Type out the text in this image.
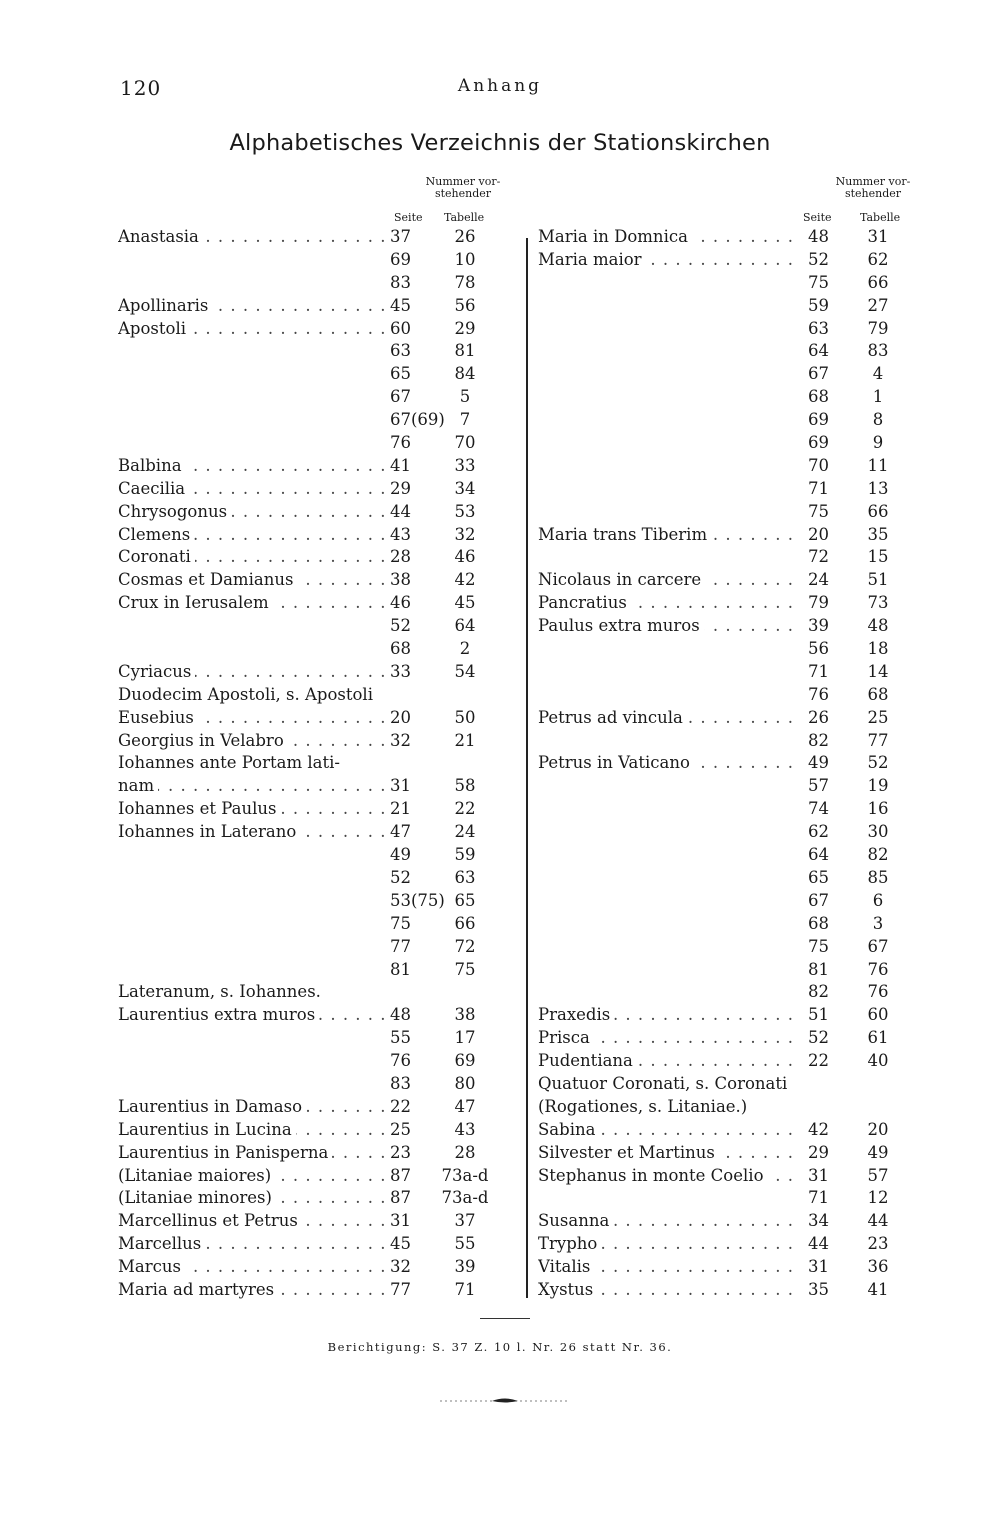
120	Anhang
Alphabetisches Verzeichnis der Stationskirchen
Nummer vor-
stehender
Seite Tabelle
Anastasia . . .	37	26
69	10
83	78
Apollinaris . . .	45	56
Apostoli . . .	60	29
63	81
65	84
67	5
67(69) 7
76	70
Balbina . . .	41	33
Caecilia . . .	29	34
Chrysogonus . . .	44	53
Clemens . . .	43	32
Coronati . . .	28	46
Cosmas et Damianus . . .	38	42
Crux in Ierusalem . . .	46	45
52	64
68	2
Cyriacus . . .	33	54
Duodecim Apostoli, s. Apostoli
Eusebius . . .	20	50
Georgius in Velabro . . .	32	21
Iohannes ante Portam lati-
nam . . .	31	58
Iohannes et Paulus . . .	21	22
Iohannes in Laterano . . .	47	24
49	59
52	63
53(75) 65
75	66
77	72
81	75
Lateranum, s. Iohannes.
Laurentius extra muros . . .	48	38
55	17
76	69
83	80
Laurentius in Damaso . . .	22	47
Laurentius in Lucina . . .	25	43
Laurentius in Panisperna . . .	23	28
(Litaniae maiores) . . .	87 73a-d
(Litaniae minores) . . .	87 73a-d
Marcellinus et Petrus . . .	31	37
Marcellus . . .	45	55
Marcus . . .	32	39
Maria ad martyres . . .	77	71
Nummer vor-
stehender
Seite	Tabelle
Maria in Domnica . . .	48	31
Maria maior . . .	52	62
75	66
59	27
63	79
64	83
67	4
68	1
69	8
69	9
70	11
71	13
75	66
Maria trans Tiberim . . .	20	35
72	15
Nicolaus in carcere . . .	24	51
Pancratius . . .	79	73
Paulus extra muros . . .	39	48
56	18
71	14
76	68
Petrus ad vincula . . .	26	25
82	77
Petrus in Vaticano . . .	49	52
57	19
74	16
62	30
64	82
65	85
67	6
68	3
75	67
81	76
82	76
Praxedis . . .	51	60
Prisca . . .	52	61
Pudentiana . . .	22	40
Quatuor Coronati, s. Coronati
(Rogationes, s. Litaniae.)
Sabina . . .	42	20
Silvester et Martinus . . .	29	49
Stephanus in monte Coelio . . .	31	57
71	12
Susanna . . .	34	44
Trypho . . .	44	23
Vitalis . . .	31	36
Xystus . . .	35	41
Berichtigung: S. 37 Z. 10 l. Nr. 26 statt Nr. 36.
